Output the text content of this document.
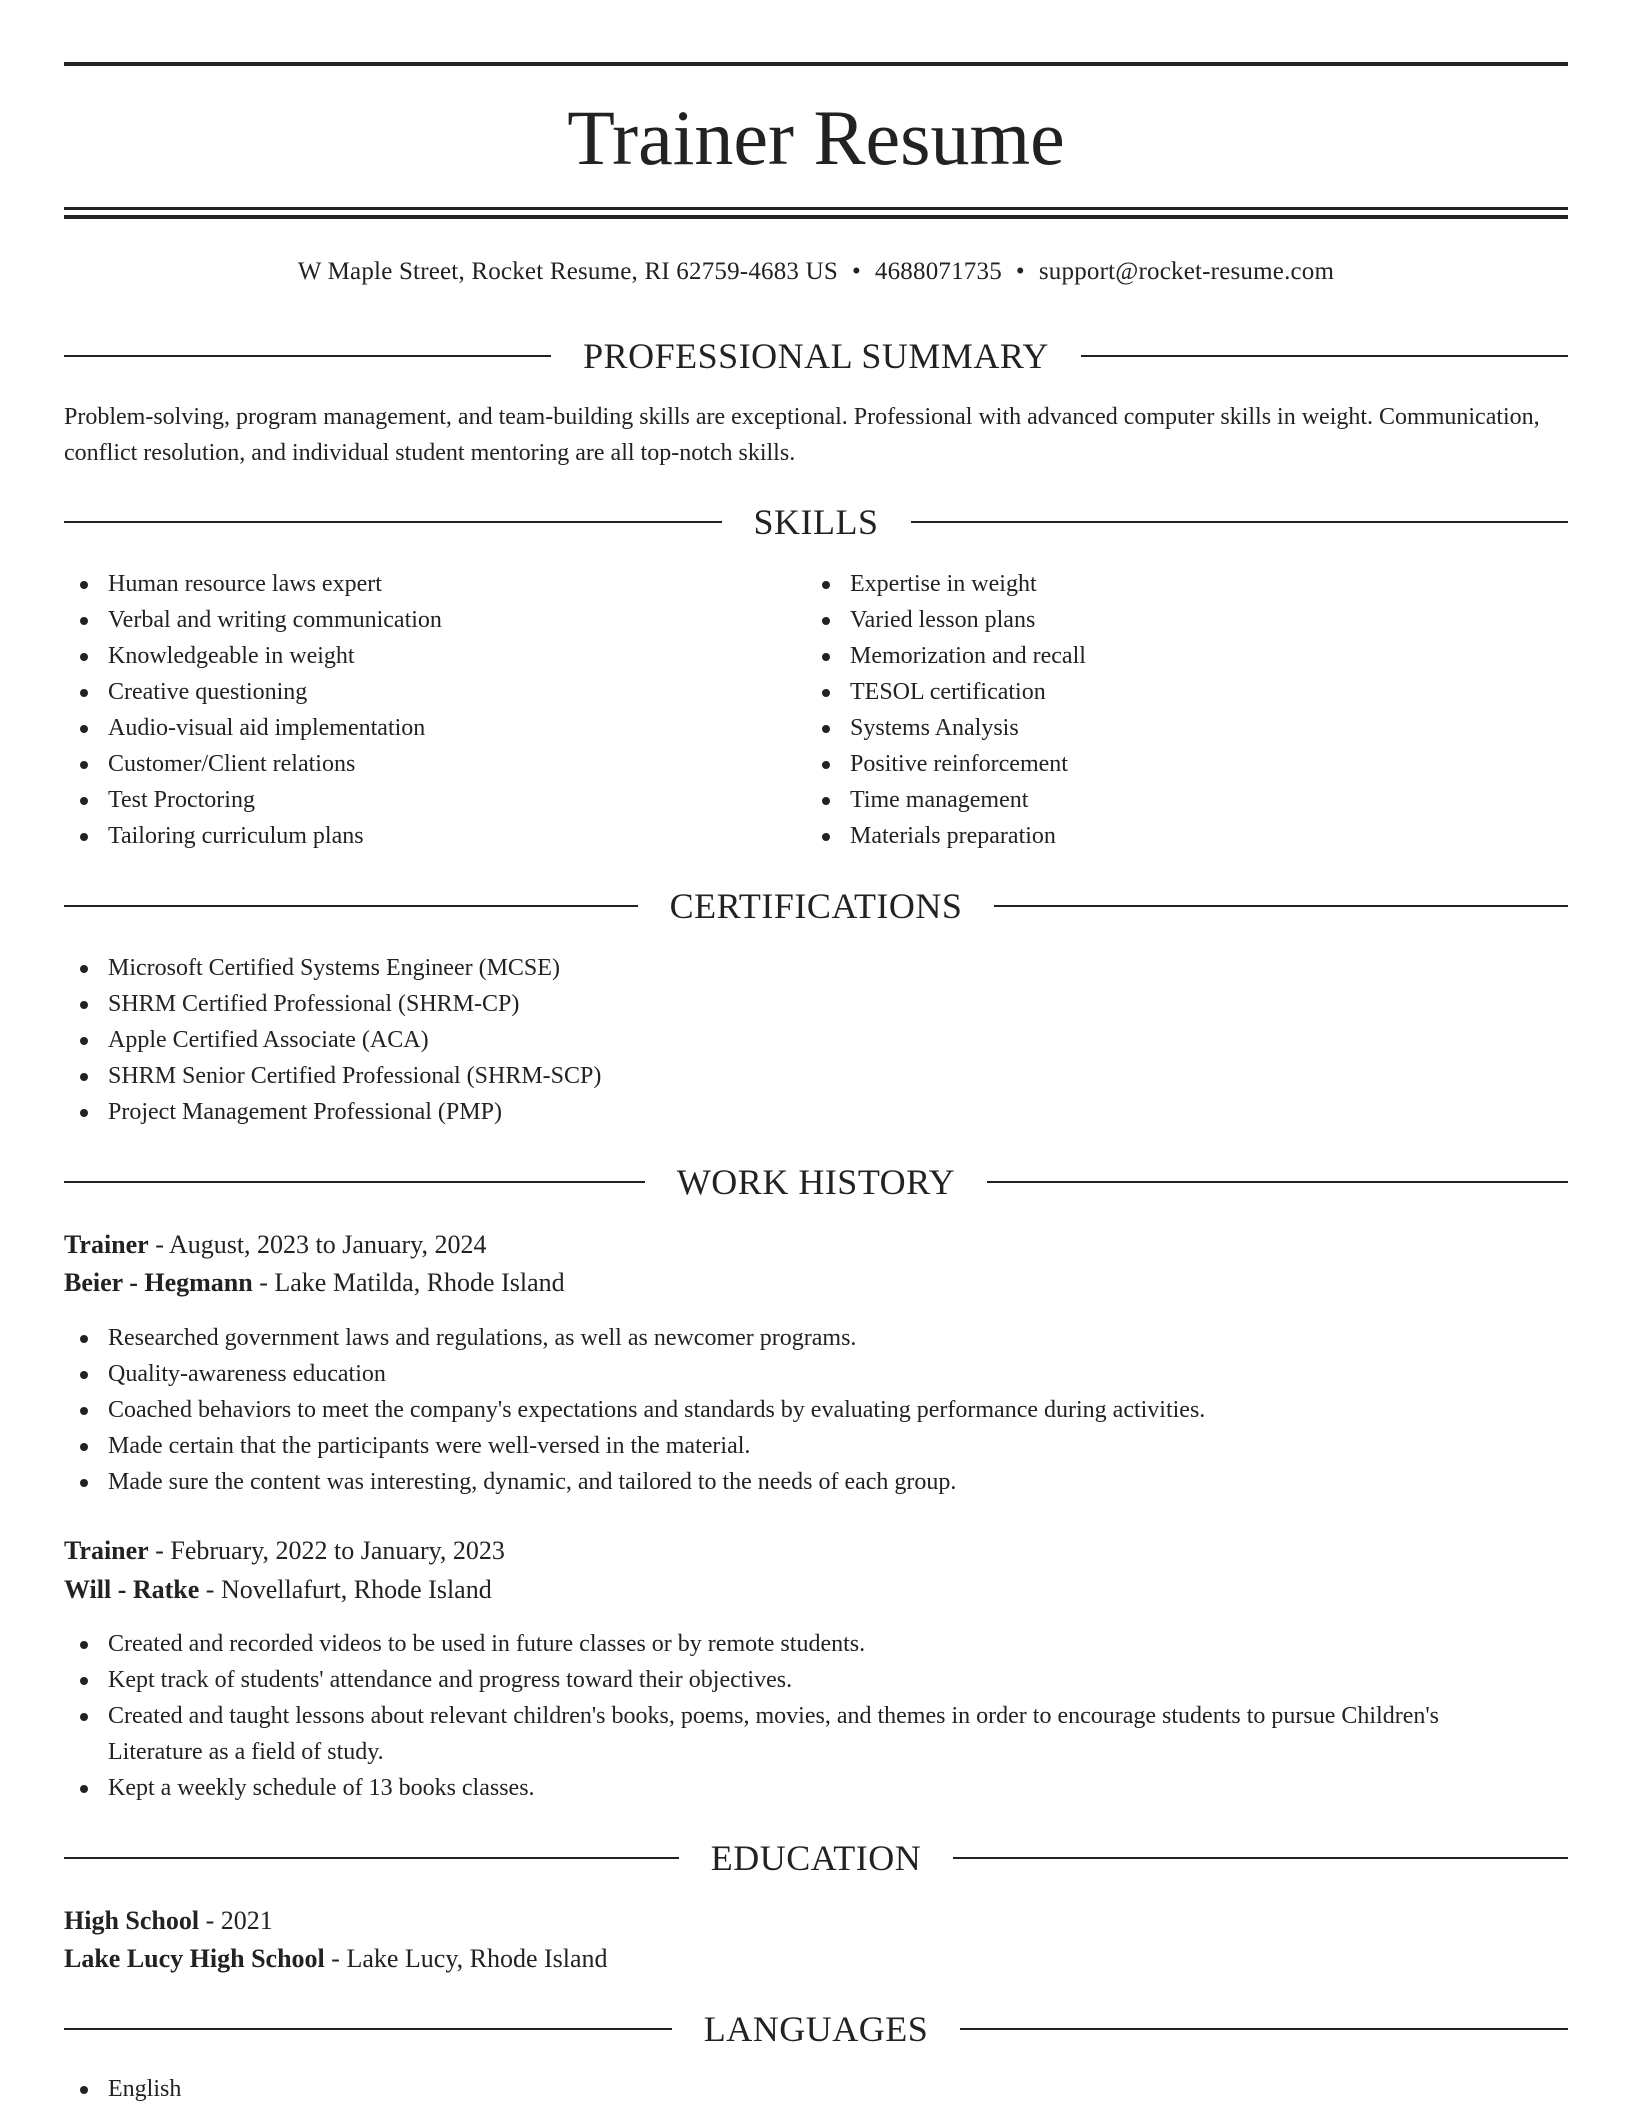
Trainer Resume
W Maple Street, Rocket Resume, RI 62759-4683 US • 4688071735 • support@rocket-resume.com
PROFESSIONAL SUMMARY

Problem-solving, program management, and team-building skills are exceptional. Professional with advanced computer skills in weight. Communication, conflict resolution, and individual student mentoring are all top-notch skills.

SKILLS
Human resource laws expert
Verbal and writing communication
Knowledgeable in weight
Creative questioning
Audio-visual aid implementation
Customer/Client relations
Test Proctoring
Tailoring curriculum plans
Expertise in weight
Varied lesson plans
Memorization and recall
TESOL certification
Systems Analysis
Positive reinforcement
Time management
Materials preparation
CERTIFICATIONS
Microsoft Certified Systems Engineer (MCSE)
SHRM Certified Professional (SHRM-CP)
Apple Certified Associate (ACA)
SHRM Senior Certified Professional (SHRM-SCP)
Project Management Professional (PMP)
WORK HISTORY
Trainer - August, 2023 to January, 2024
Beier - Hegmann - Lake Matilda, Rhode Island
Researched government laws and regulations, as well as newcomer programs.
Quality-awareness education
Coached behaviors to meet the company's expectations and standards by evaluating performance during activities.
Made certain that the participants were well-versed in the material.
Made sure the content was interesting, dynamic, and tailored to the needs of each group.
Trainer - February, 2022 to January, 2023
Will - Ratke - Novellafurt, Rhode Island
Created and recorded videos to be used in future classes or by remote students.
Kept track of students' attendance and progress toward their objectives.
Created and taught lessons about relevant children's books, poems, movies, and themes in order to encourage students to pursue Children's Literature as a field of study.
Kept a weekly schedule of 13 books classes.
EDUCATION
High School - 2021
Lake Lucy High School - Lake Lucy, Rhode Island
LANGUAGES
English
